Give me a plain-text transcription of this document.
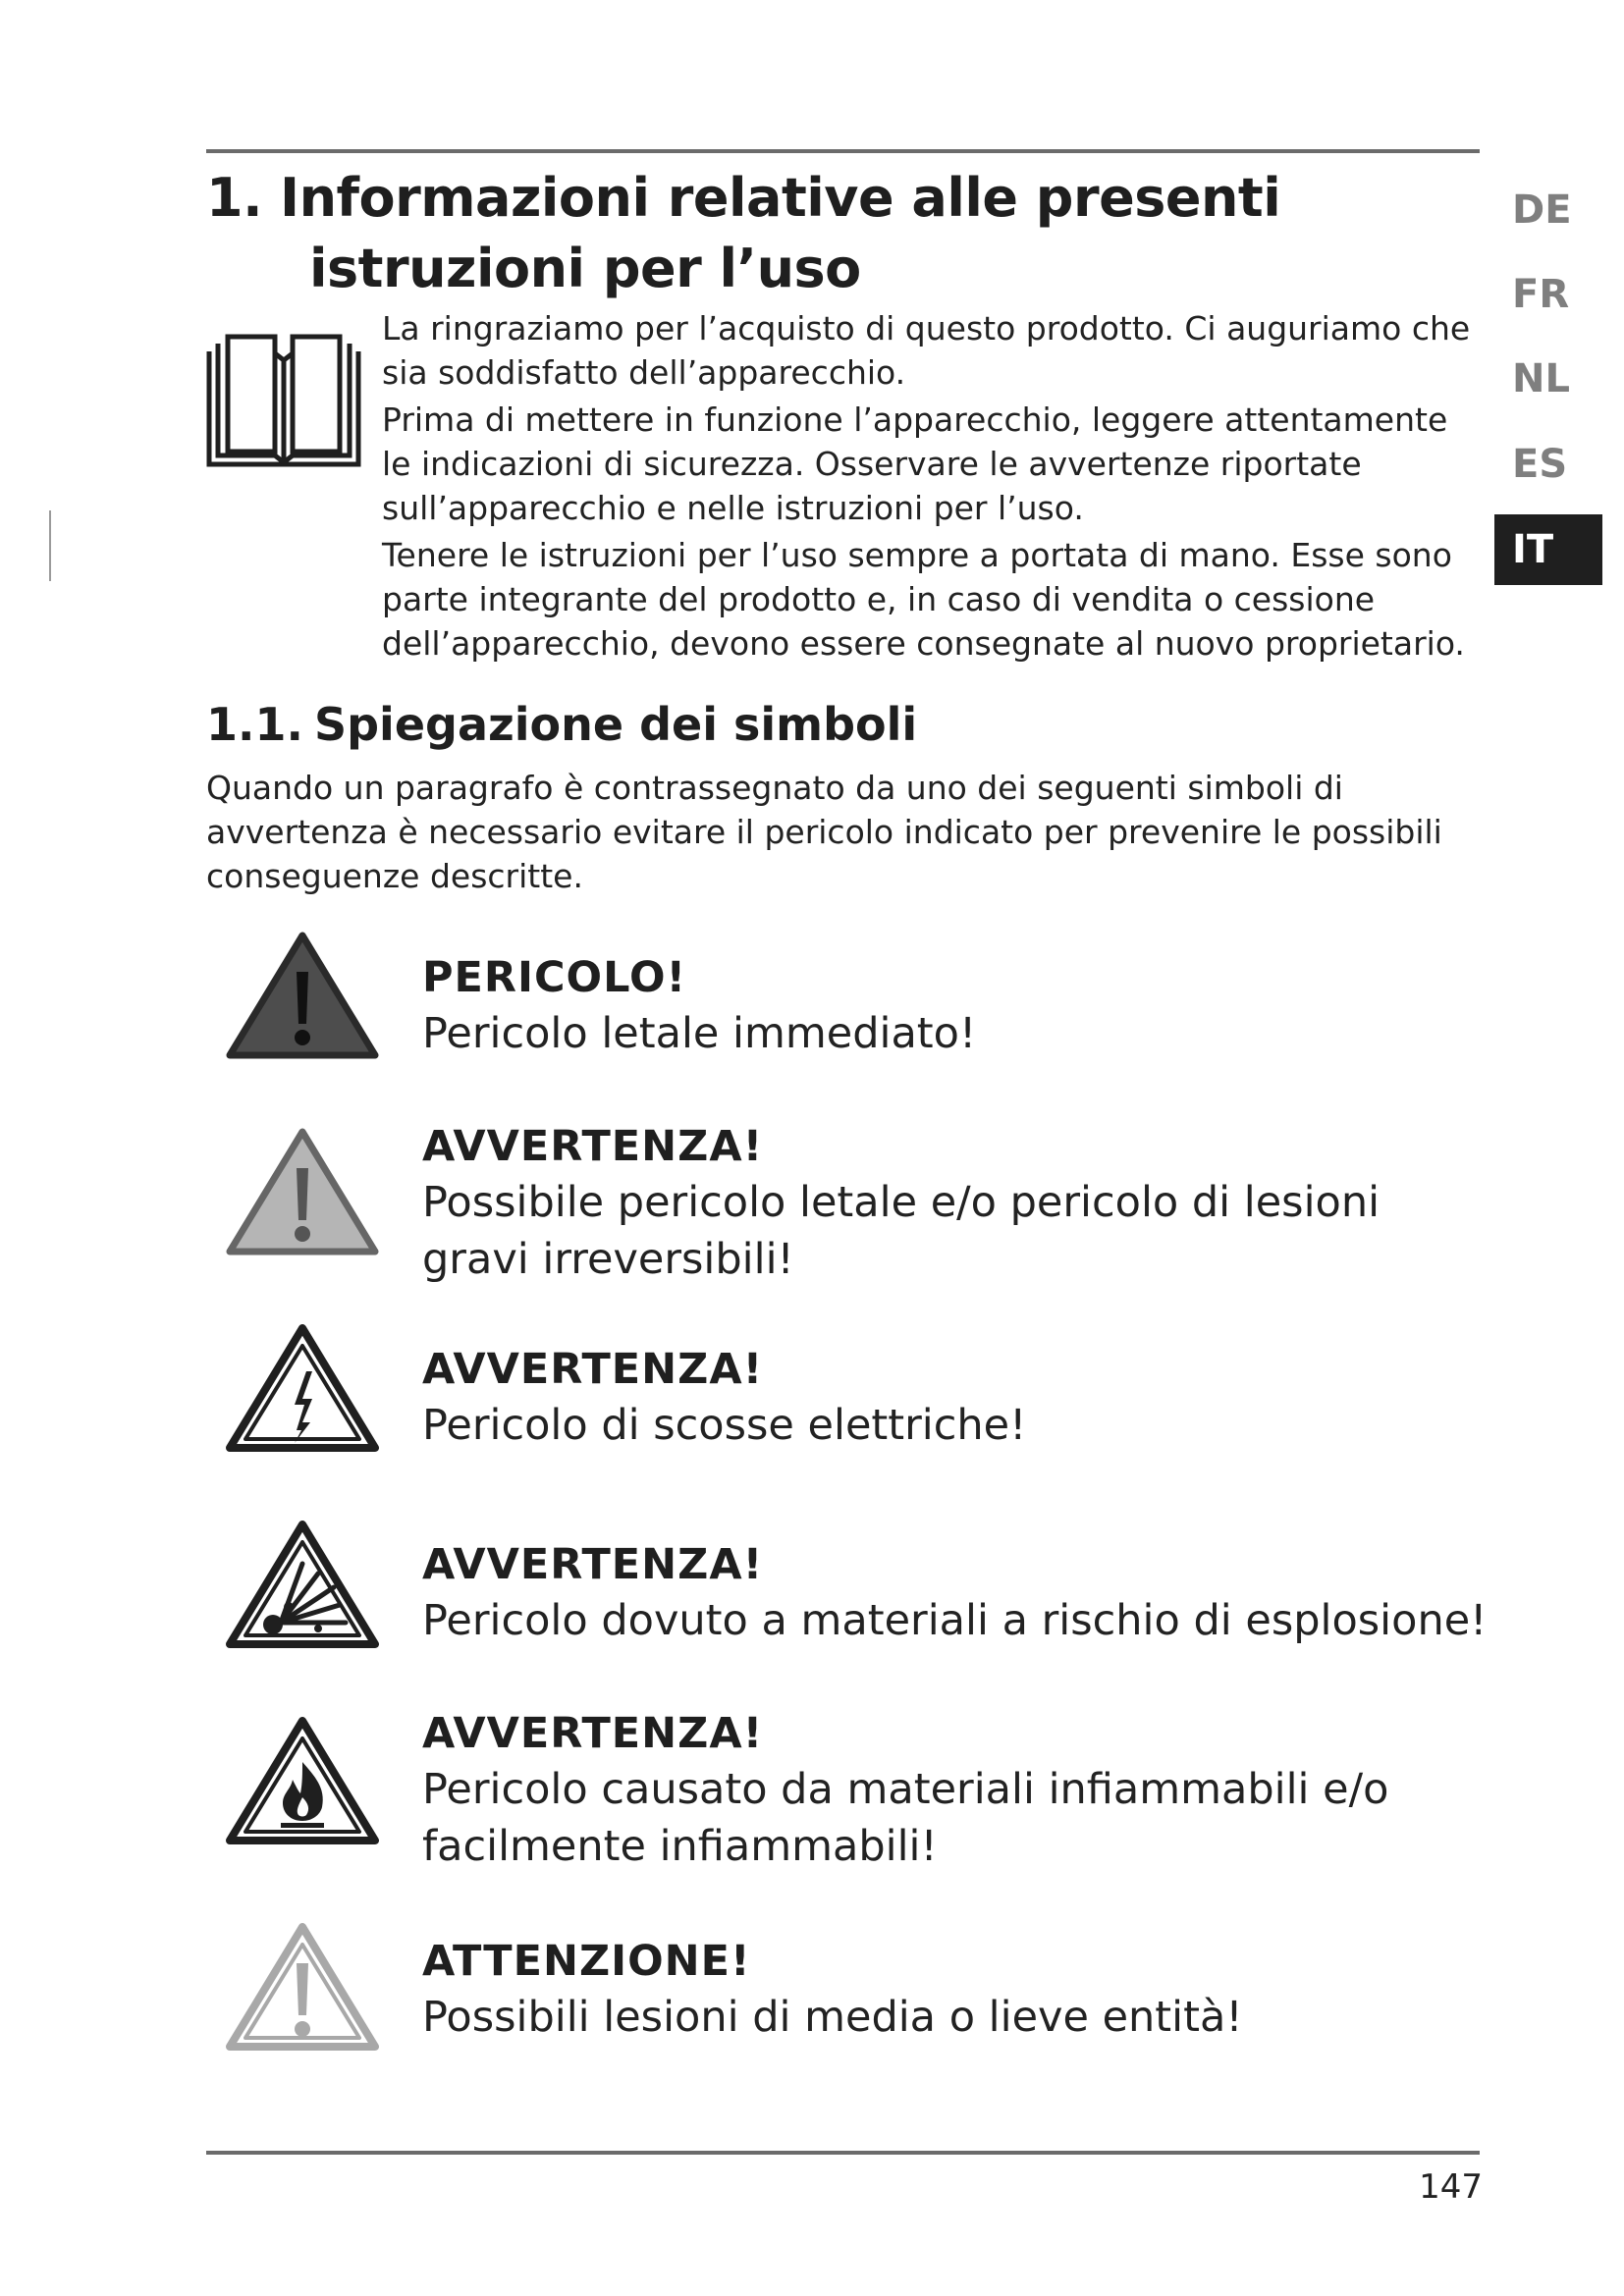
1. Informazioni relative alle presenti
istruzioni per l’uso

La ringraziamo per l’acquisto di questo prodotto. Ci auguriamo che sia soddisfatto dell’apparecchio.

Prima di mettere in funzione l’apparecchio, leggere attentamente le indicazioni di sicurezza. Osservare le avvertenze riportate sull’apparecchio e nelle istruzioni per l’uso.

Tenere le istruzioni per l’uso sempre a portata di mano. Esse sono parte integrante del prodotto e, in caso di vendita o cessione dell’apparecchio, devono essere consegnate al nuovo proprietario.

1.1. Spiegazione dei simboli

Quando un paragrafo è contrassegnato da uno dei seguenti simboli di avvertenza è necessario evitare il pericolo indicato per prevenire le possibili conseguenze descritte.

PERICOLO!
Pericolo letale immediato!
AVVERTENZA!
Possibile pericolo letale e/o pericolo di lesioni gravi irreversibili!
AVVERTENZA!
Pericolo di scosse elettriche!
AVVERTENZA!
Pericolo dovuto a materiali a rischio di esplosione!
AVVERTENZA!
Pericolo causato da materiali infiammabili e/o facilmente infiammabili!
ATTENZIONE!
Possibili lesioni di media o lieve entità!
DE
FR
NL
ES
IT
147
